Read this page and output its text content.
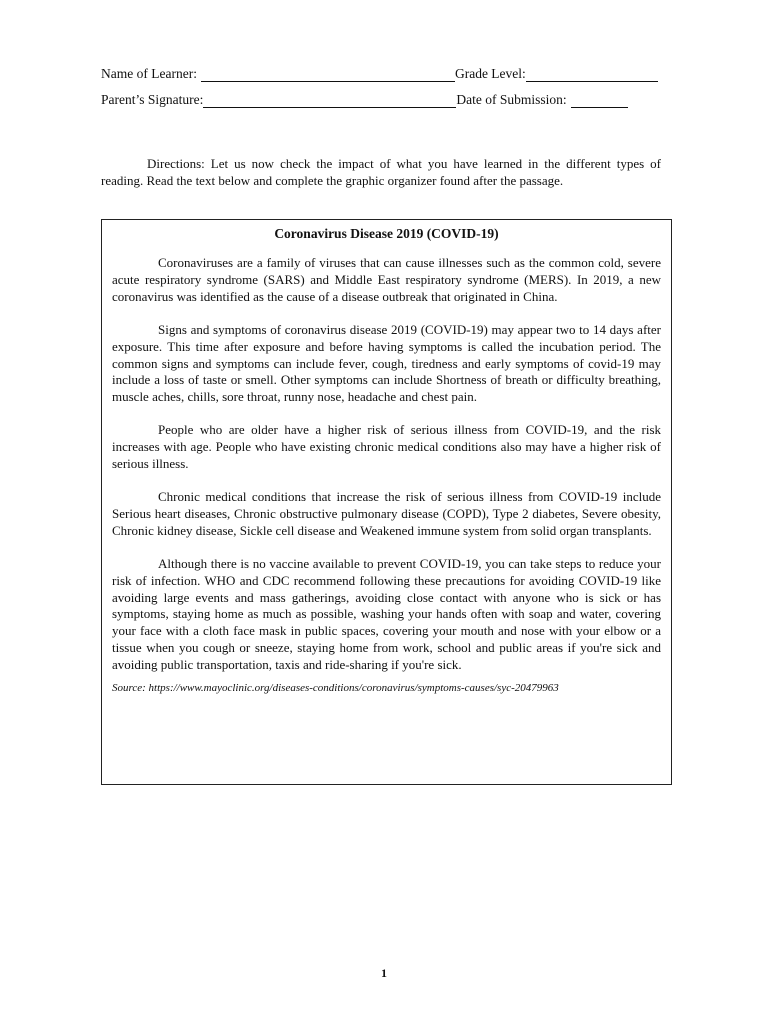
Name of Learner:	Grade Level:
Parent’s Signature:	Date of Submission:
Directions: Let us now check the impact of what you have learned in the different types of reading. Read the text below and complete the graphic organizer found after the passage.
Coronavirus Disease 2019 (COVID-19)

Coronaviruses are a family of viruses that can cause illnesses such as the common cold, severe acute respiratory syndrome (SARS) and Middle East respiratory syndrome (MERS). In 2019, a new coronavirus was identified as the cause of a disease outbreak that originated in China.

Signs and symptoms of coronavirus disease 2019 (COVID-19) may appear two to 14 days after exposure. This time after exposure and before having symptoms is called the incubation period. The common signs and symptoms can include fever, cough, tiredness and early symptoms of covid-19 may include a loss of taste or smell. Other symptoms can include Shortness of breath or difficulty breathing, muscle aches, chills, sore throat, runny nose, headache and chest pain.

People who are older have a higher risk of serious illness from COVID-19, and the risk increases with age. People who have existing chronic medical conditions also may have a higher risk of serious illness.

Chronic medical conditions that increase the risk of serious illness from COVID-19 include Serious heart diseases, Chronic obstructive pulmonary disease (COPD), Type 2 diabetes, Severe obesity, Chronic kidney disease, Sickle cell disease and Weakened immune system from solid organ transplants.

Although there is no vaccine available to prevent COVID-19, you can take steps to reduce your risk of infection. WHO and CDC recommend following these precautions for avoiding COVID-19 like avoiding large events and mass gatherings, avoiding close contact with anyone who is sick or has symptoms, staying home as much as possible, washing your hands often with soap and water, covering your face with a cloth face mask in public spaces, covering your mouth and nose with your elbow or a tissue when you cough or sneeze, staying home from work, school and public areas if you're sick and avoiding public transportation, taxis and ride-sharing if you're sick.

Source: https://www.mayoclinic.org/diseases-conditions/coronavirus/symptoms-causes/syc-20479963
1
